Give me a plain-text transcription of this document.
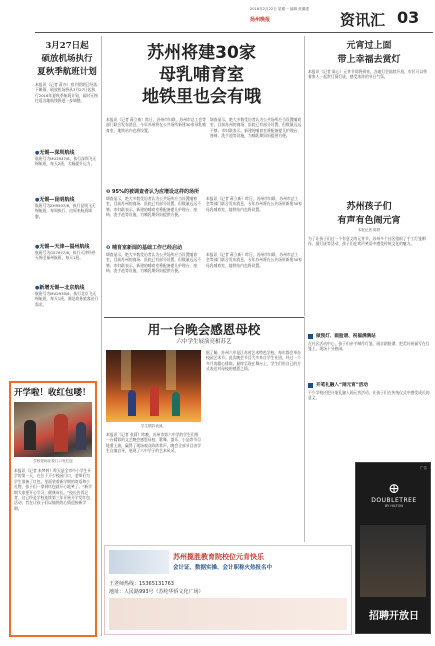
2016年2月22日 星期一 编辑 张翼建
扬州晚报	资讯汇 03
3月27日起
硕放机场执行
夏秋季航班计划
本报讯（记者 蒋亦）春节假期已经落下帷幕，硕放机场将从3月27日起执行2016年夏秋季航班计划，届时无锡往返各地航线将进一步调整。
●无锡—深圳航线
航班号为MU2947/8，执行深圳飞无锡航班，每天2班，大幅提升运力。
●无锡—昆明航线
航班号为ZH9507/8，执行昆明飞无锡航班，每周执行，由原来航班调整。
●无锡—天津—福州航线
航班号为GS7677/8，执行天津经停无锡至福州航班，每天1班。
●新增无锡—北京航线
航班号为MU2935/6，执行北京飞无锡航班，每天1班，满足商务旅客出行需求。
开学啦！收红包喽！
学校老师在校门口发红包
本报讯（记者 朱梦婷）昨天是全市中小学生开学的第一天，在位于不少校园门口，老师们为学生准备了红包，里面装着新学期的寄语和小礼物，孩子们一拿到红包就开心地笑了。“新学期大家要开心学习，健康成长。”校长告诉记者，这已经是学校连续第三年开展开学发红包活动，旨在让孩子们以愉快的心情迎接新学期。
苏州将建30家
母乳哺育室
地铁里也会有哦
本报讯（记者 蒋立新）昨日，苏州市妇联、苏州市总工会等部门联合发布消息，今年苏州将在公共场所新建30家母乳哺育室，地铁站内也将设置。
调查显示，绝大多数受访者认为公共场所应当设置哺育室，目前苏州的商场、医院已有部分设置，但数量远远不够。市妇联表示，新建的哺育室将配备婴儿护理台、座椅、洗手池等设施，为哺乳期妈妈提供方便。
❶ 95%的被调查者认为应增设这样的场所
调查显示，绝大多数受访者认为公共场所应当设置哺育室，目前苏州的商场、医院已有部分设置，但数量远远不够。市妇联表示，新建的哺育室将配备婴儿护理台、座椅、洗手池等设施，为哺乳期妈妈提供方便。
本报讯（记者 蒋立新）昨日，苏州市妇联、苏州市总工会等部门联合发布消息，今年苏州将在公共场所新建30家母乳哺育室，地铁站内也将设置。
❷ 哺育室新闻的基础工作已经启动
调查显示，绝大多数受访者认为公共场所应当设置哺育室，目前苏州的商场、医院已有部分设置，但数量远远不够。市妇联表示，新建的哺育室将配备婴儿护理台、座椅、洗手池等设施，为哺乳期妈妈提供方便。
本报讯（记者 蒋立新）昨日，苏州市妇联、苏州市总工会等部门联合发布消息，今年苏州将在公共场所新建30家母乳哺育室，地铁站内也将设置。
元宵过上面
带上幸福去赏灯
本报讯（记者 陈心）元宵节即将到来，各地灯会陆续开放，市民可以带着家人一起赏灯猜灯谜，感受浓浓的节日气氛。
苏州孩子们
有声有色闹元宵
本报记者 陈婷
为了让孩子们过一个有意义的元宵节，苏州多个社区组织了手工灯笼制作、猜灯谜等活动，孩子们在欢声笑语中感受传统文化的魅力。
做预灯、画脸谱、祝福满满站
在社区活动中心，孩子们亲手制作灯笼、画京剧脸谱，把美好祝福写在灯笼上，现场十分热闹。
开笔礼融入“闹元宵”活动
不少学校还把开笔礼融入闹元宵活动，让孩子们在传统仪式中感受成长的意义。
广告
⊕
DOUBLETREE
BY HILTON
招聘开放日
用一台晚会感恩母校
六中学生展演亮相苏艺
学生精彩表演。
本报讯（记者 张莉）昨晚，苏州市第六中学的学生们用一台精彩的文艺晚会感恩母校，歌舞、器乐、小品等节目轮番上演，赢得了现场观众阵阵掌声。晚会全部节目由学生自编自导，展现了六中学子的艺术风采。
据了解，苏州六中是江苏省艺术特色学校，每年都会举办校园艺术节。此次晚会节目大多来自学生社团，经过一个多月的精心排练，最终呈现在舞台上，学生们用自己的方式表达对母校的感恩之情。
苏州揽胜教育院校位元肯快乐
会计证、数据实操、会计职称火热报名中
王老师热线：15365131763
地址：人民路993号（苏纶华侨文化广场）
